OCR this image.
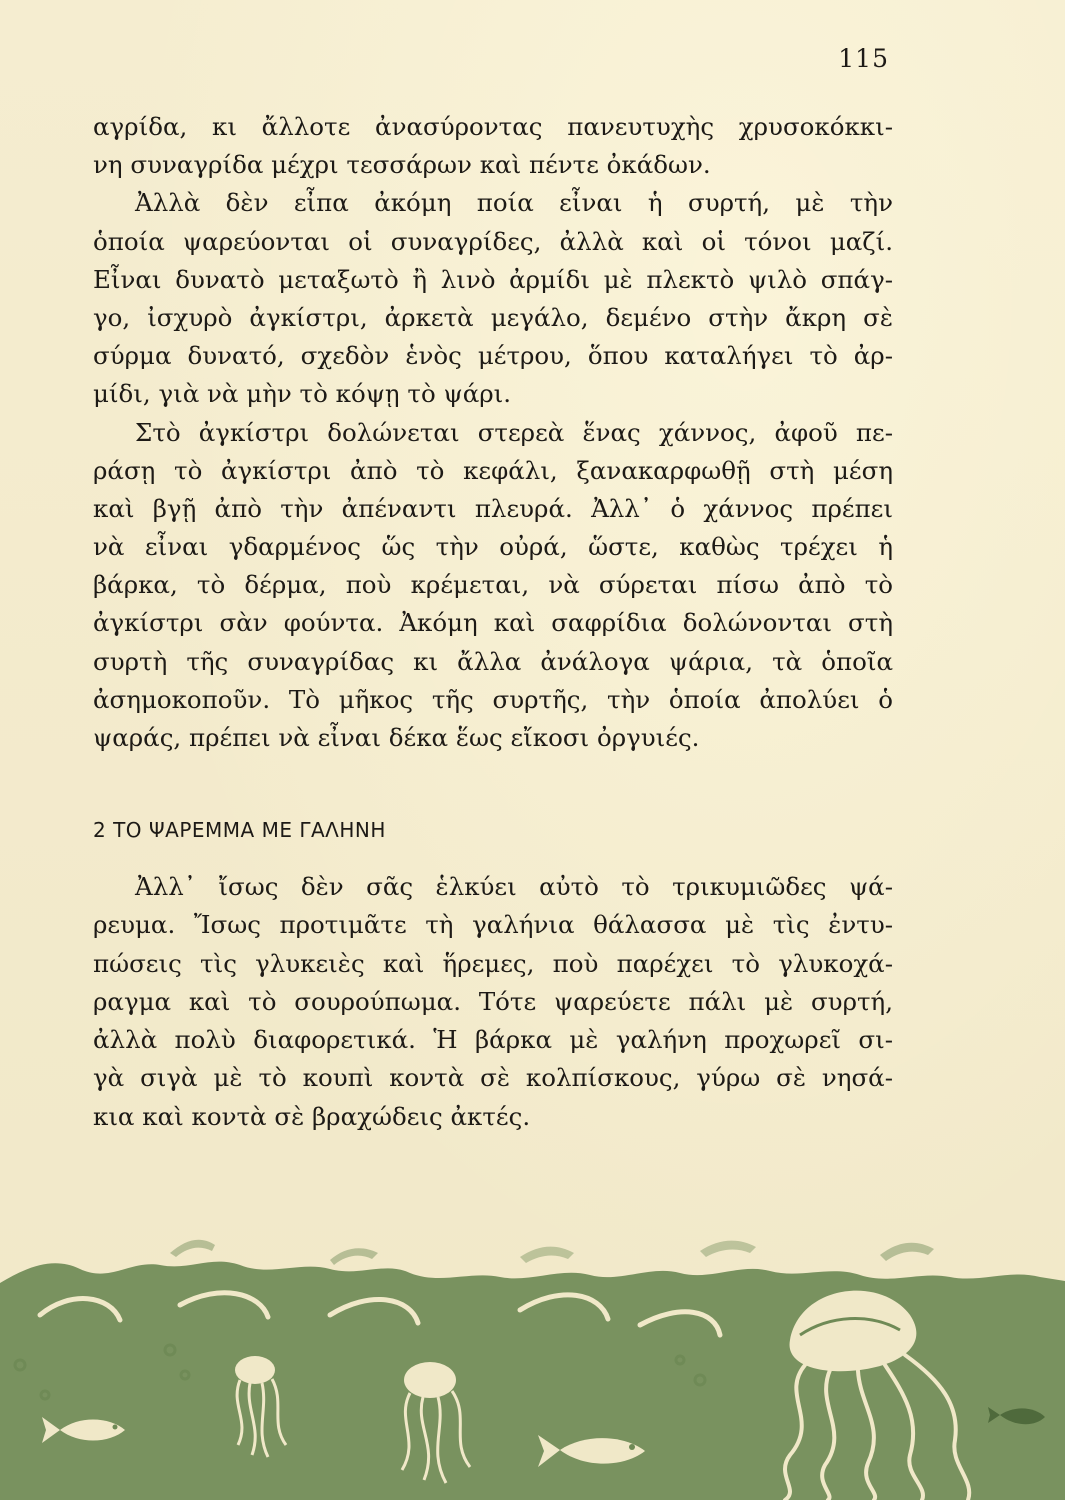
115

αγρίδα, κι ἄλλοτε ἀνασύροντας πανευτυχὴς χρυσοκόκκι-
νη συναγρίδα μέχρι τεσσάρων καὶ πέντε ὀκάδων.

Ἀλλὰ δὲν εἶπα ἀκόμη ποία εἶναι ἡ συρτή, μὲ τὴν
ὁποία ψαρεύονται οἱ συναγρίδες, ἀλλὰ καὶ οἱ τόνοι μαζί.
Εἶναι δυνατὸ μεταξωτὸ ἢ λινὸ ἀρμίδι μὲ πλεκτὸ ψιλὸ σπάγ-
γο, ἰσχυρὸ ἀγκίστρι, ἀρκετὰ μεγάλο, δεμένο στὴν ἄκρη σὲ
σύρμα δυνατό, σχεδὸν ἑνὸς μέτρου, ὅπου καταλήγει τὸ ἀρ-
μίδι, γιὰ νὰ μὴν τὸ κόψῃ τὸ ψάρι.

Στὸ ἀγκίστρι δολώνεται στερεὰ ἕνας χάννος, ἀφοῦ πε-
ράσῃ τὸ ἀγκίστρι ἀπὸ τὸ κεφάλι, ξανακαρφωθῇ στὴ μέση
καὶ βγῇ ἀπὸ τὴν ἀπέναντι πλευρά. Ἀλλ᾽ ὁ χάννος πρέπει
νὰ εἶναι γδαρμένος ὥς τὴν οὐρά, ὥστε, καθὼς τρέχει ἡ
βάρκα, τὸ δέρμα, ποὺ κρέμεται, νὰ σύρεται πίσω ἀπὸ τὸ
ἀγκίστρι σὰν φούντα. Ἀκόμη καὶ σαφρίδια δολώνονται στὴ
συρτὴ τῆς συναγρίδας κι ἄλλα ἀνάλογα ψάρια, τὰ ὁποῖα
ἀσημοκοποῦν. Τὸ μῆκος τῆς συρτῆς, τὴν ὁποία ἀπολύει ὁ
ψαράς, πρέπει νὰ εἶναι δέκα ἕως εἴκοσι ὀργυιές.

2 ΤΟ ΨΑΡΕΜΜΑ ΜΕ ΓΑΛΗΝΗ

Ἀλλ᾽ ἴσως δὲν σᾶς ἑλκύει αὐτὸ τὸ τρικυμιῶδες ψά-
ρευμα. Ἴσως προτιμᾶτε τὴ γαλήνια θάλασσα μὲ τὶς ἐντυ-
πώσεις τὶς γλυκειὲς καὶ ἥρεμες, ποὺ παρέχει τὸ γλυκοχά-
ραγμα καὶ τὸ σουρούπωμα. Τότε ψαρεύετε πάλι μὲ συρτή,
ἀλλὰ πολὺ διαφορετικά. Ἡ βάρκα μὲ γαλήνη προχωρεῖ σι-
γὰ σιγὰ μὲ τὸ κουπὶ κοντὰ σὲ κολπίσκους, γύρω σὲ νησά-
κια καὶ κοντὰ σὲ βραχώδεις ἀκτές.
